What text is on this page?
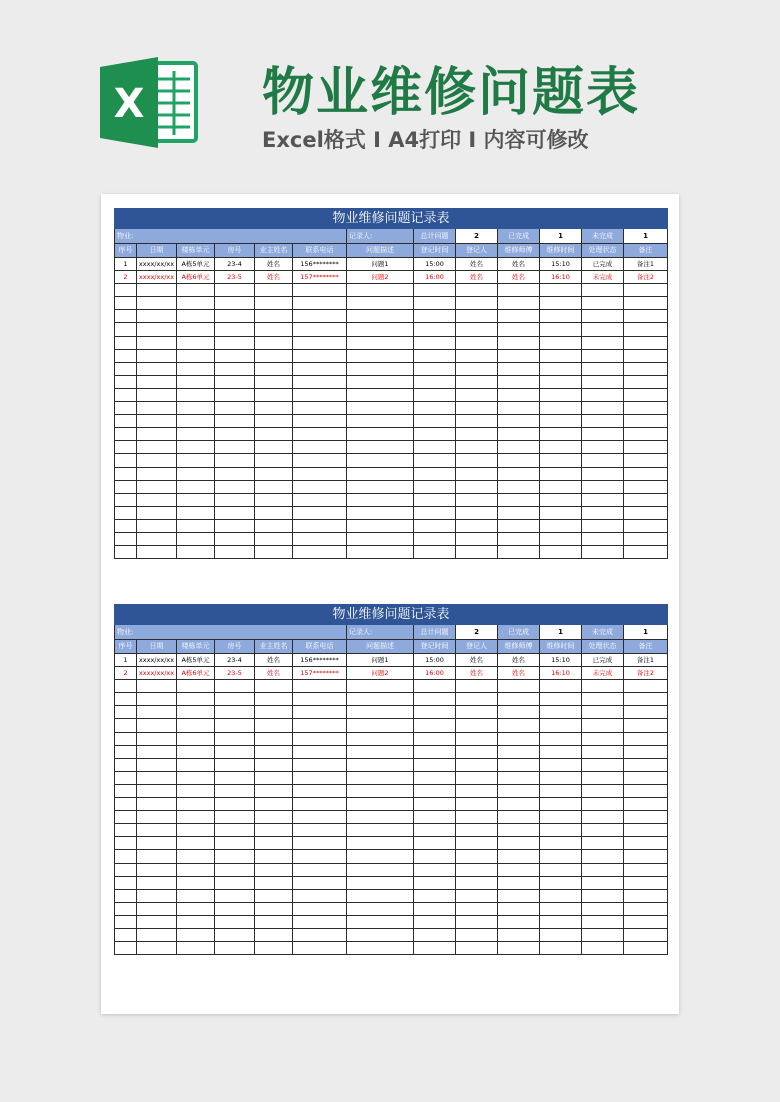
X 物业维修问题表
Excel格式 I A4打印 I 内容可修改
物业维修问题记录表												
物业:						记录人:	总计问题	2	已完成	1	未完成	1
序号	日期	楼栋单元	房号	业主姓名	联系电话	问题描述	登记时间	登记人	维修师傅	维修时间	处理状态	备注
1	xxxx/xx/xx	A栋5单元	23-4	姓名	156********	问题1	15:00	姓名	姓名	15:10	已完成	备注1
2	xxxx/xx/xx	A栋6单元	23-5	姓名	157********	问题2	16:00	姓名	姓名	16:10	未完成	备注2

物业维修问题记录表												
物业:						记录人:	总计问题	2	已完成	1	未完成	1
序号	日期	楼栋单元	房号	业主姓名	联系电话	问题描述	登记时间	登记人	维修师傅	维修时间	处理状态	备注
1	xxxx/xx/xx	A栋5单元	23-4	姓名	156********	问题1	15:00	姓名	姓名	15:10	已完成	备注1
2	xxxx/xx/xx	A栋6单元	23-5	姓名	157********	问题2	16:00	姓名	姓名	16:10	未完成	备注2
